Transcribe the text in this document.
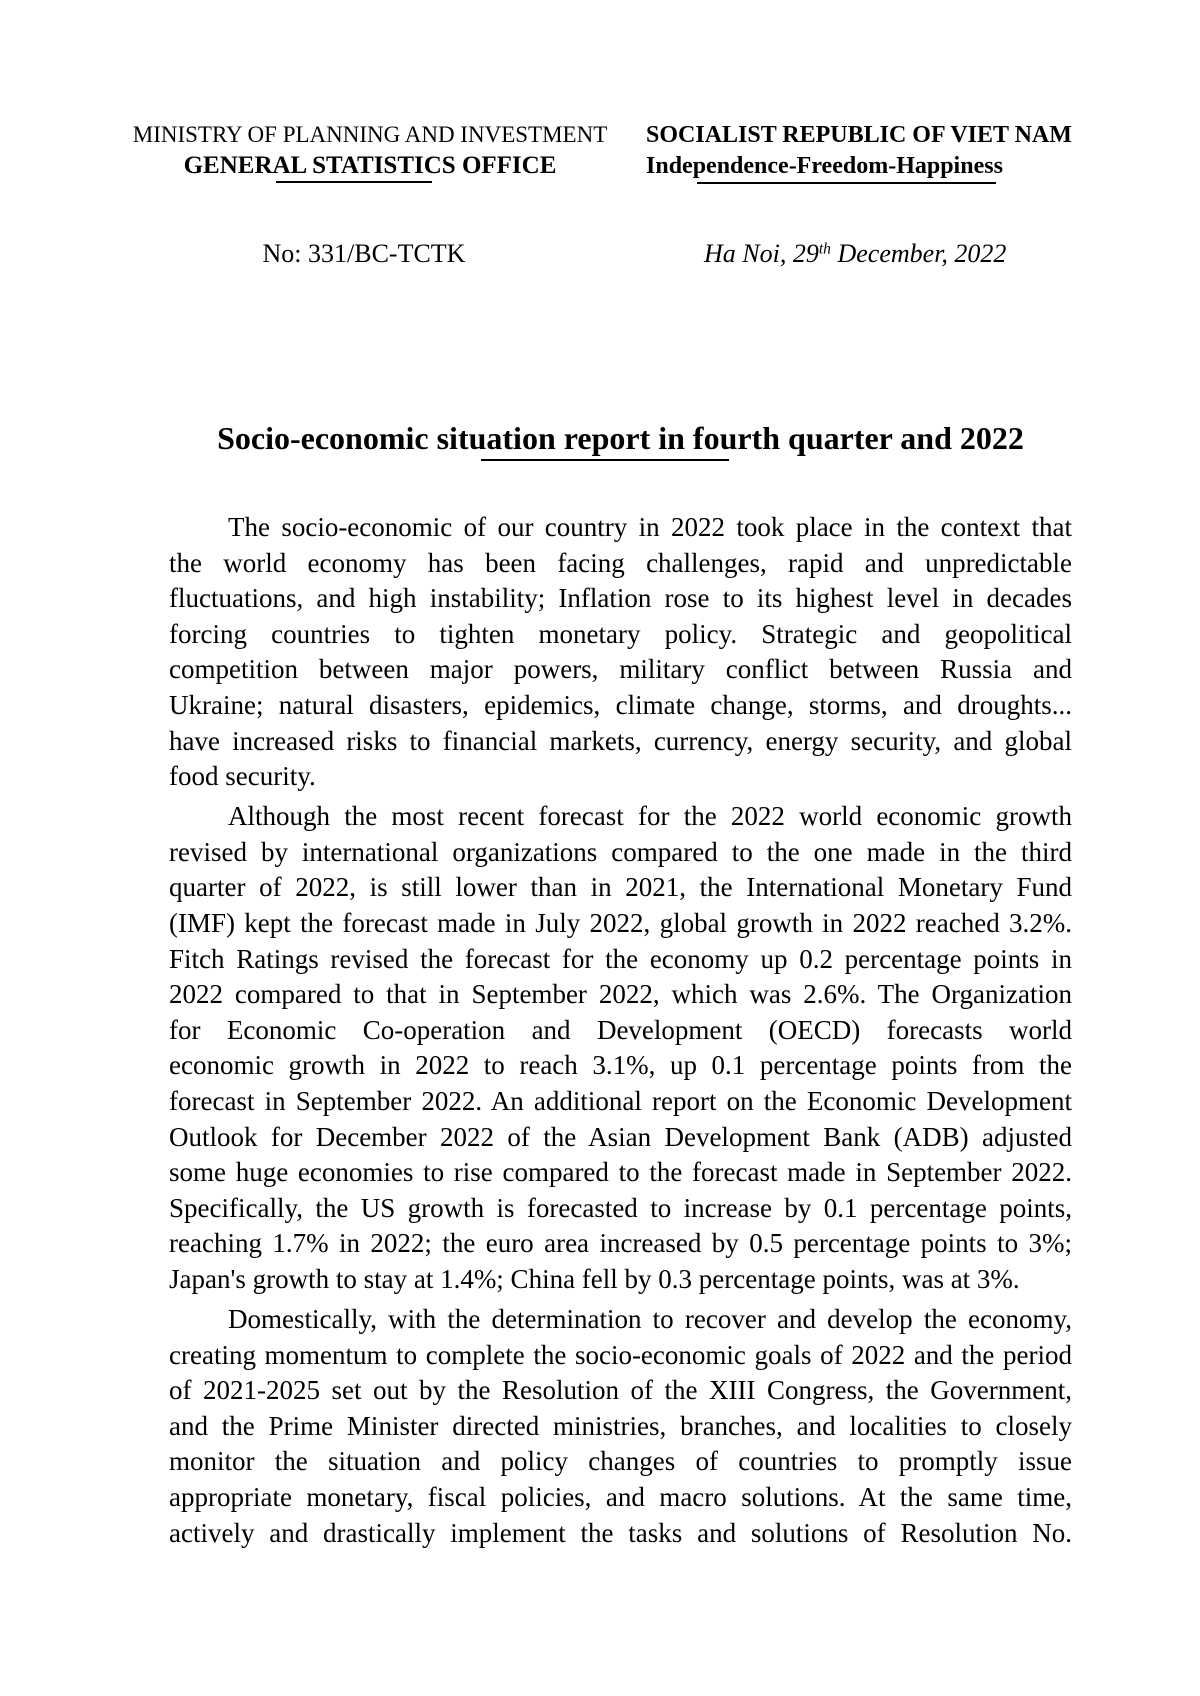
MINISTRY OF PLANNING AND INVESTMENT
GENERAL STATISTICS OFFICE
SOCIALIST REPUBLIC OF VIET NAM
Independence-Freedom-Happiness
No: 331/BC-TCTK	Ha Noi, 29th December, 2022
Socio-economic situation report in fourth quarter and 2022
The socio-economic of our country in 2022 took place in the context that
the world economy has been facing challenges, rapid and unpredictable
fluctuations, and high instability; Inflation rose to its highest level in decades
forcing countries to tighten monetary policy. Strategic and geopolitical
competition between major powers, military conflict between Russia and
Ukraine; natural disasters, epidemics, climate change, storms, and droughts...
have increased risks to financial markets, currency, energy security, and global
food security.
Although the most recent forecast for the 2022 world economic growth
revised by international organizations compared to the one made in the third
quarter of 2022, is still lower than in 2021, the International Monetary Fund
(IMF) kept the forecast made in July 2022, global growth in 2022 reached 3.2%.
Fitch Ratings revised the forecast for the economy up 0.2 percentage points in
2022 compared to that in September 2022, which was 2.6%. The Organization
for Economic Co-operation and Development (OECD) forecasts world
economic growth in 2022 to reach 3.1%, up 0.1 percentage points from the
forecast in September 2022. An additional report on the Economic Development
Outlook for December 2022 of the Asian Development Bank (ADB) adjusted
some huge economies to rise compared to the forecast made in September 2022.
Specifically, the US growth is forecasted to increase by 0.1 percentage points,
reaching 1.7% in 2022; the euro area increased by 0.5 percentage points to 3%;
Japan's growth to stay at 1.4%; China fell by 0.3 percentage points, was at 3%.
Domestically, with the determination to recover and develop the economy,
creating momentum to complete the socio-economic goals of 2022 and the period
of 2021-2025 set out by the Resolution of the XIII Congress, the Government,
and the Prime Minister directed ministries, branches, and localities to closely
monitor the situation and policy changes of countries to promptly issue
appropriate monetary, fiscal policies, and macro solutions. At the same time,
actively and drastically implement the tasks and solutions of Resolution No.
